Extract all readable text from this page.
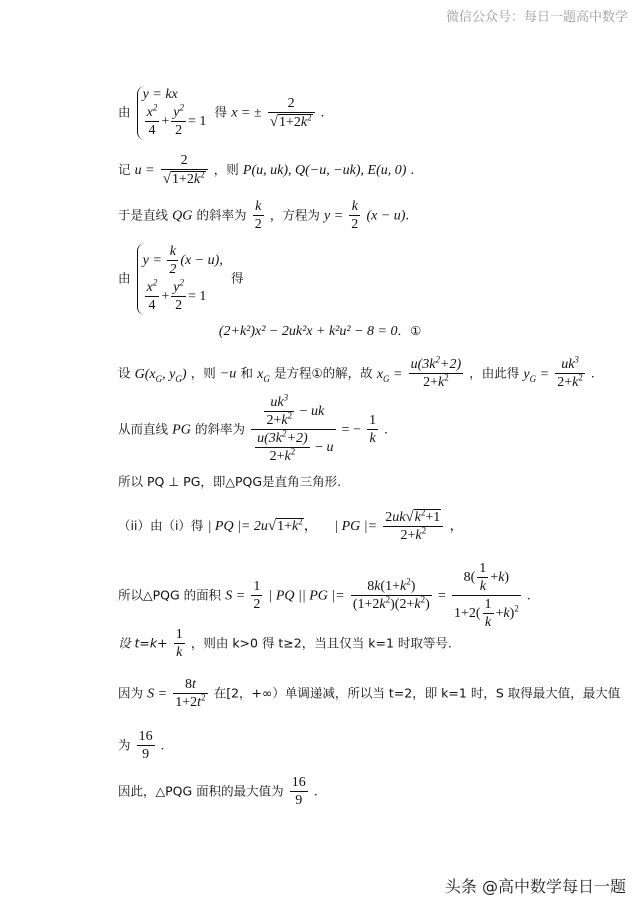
微信公众号：每日一题高中数学
由
y = kx
$\frac{x^2}{4} + \frac{y^2}{2} = 1$
得 x = ± $\frac{2}{√1+2k^2}$ .
记 $u = \frac{2}{√1+2k^2}$ ，则 P(u, uk), Q(−u, −uk), E(u, 0) .
于是直线 QG 的斜率为 $\frac{k}{2}$ ，方程为 $y = \frac{k}{2} (x - u)$.
由
$y = \frac{k}{2} (x - u)$,
$\frac{x^2}{4} + \frac{y^2}{2} = 1$
得
(2+k²)x² − 2uk²x + k²u² − 8 = 0．①
设 $G(x_G$, $y_G$) ，则 −u 和 $x_G$ 是方程①的解，故 $x_G = \frac{u(3k^2+2)}{2+k^2}$ ，由此得 $y_G = \frac{uk^3}{2+k^2}$ .
从而直线 PG 的斜率为 $\frac{\frac{uk^3}{2+k^2} - uk}{\frac{u(3k^2+2)}{2+k^2} - u}$ = − $\frac{1}{k}$ .
所以 PQ ⊥ PG，即△PQG是直角三角形.
（ii）由（i）得 | PQ |= $2u√1+k^2$， | PG |= $\frac{2uk√k^2+1}{2+k^2}$ ，
所以△PQG 的面积 $S = \frac{1}{2}$ | PQ || PG |= $\frac{8k(1+k^2)}{(1+2k^2)(2+k^2)} = \frac{8( \frac{1}{k} +k)}{1+2( \frac{1}{k} +k)^2}$ .
设 $t=k+ \frac{1}{k}$ ，则由 k>0 得 t≥2，当且仅当 k=1 时取等号.
因为 $S = \frac{8t}{1+2t^2}$ 在[2，+∞）单调递减，所以当 t=2，即 k=1 时，S 取得最大值，最大值
为 $\frac{16}{9}$ .
因此，△PQG 面积的最大值为 $\frac{16}{9}$ .
头条 @高中数学每日一题
